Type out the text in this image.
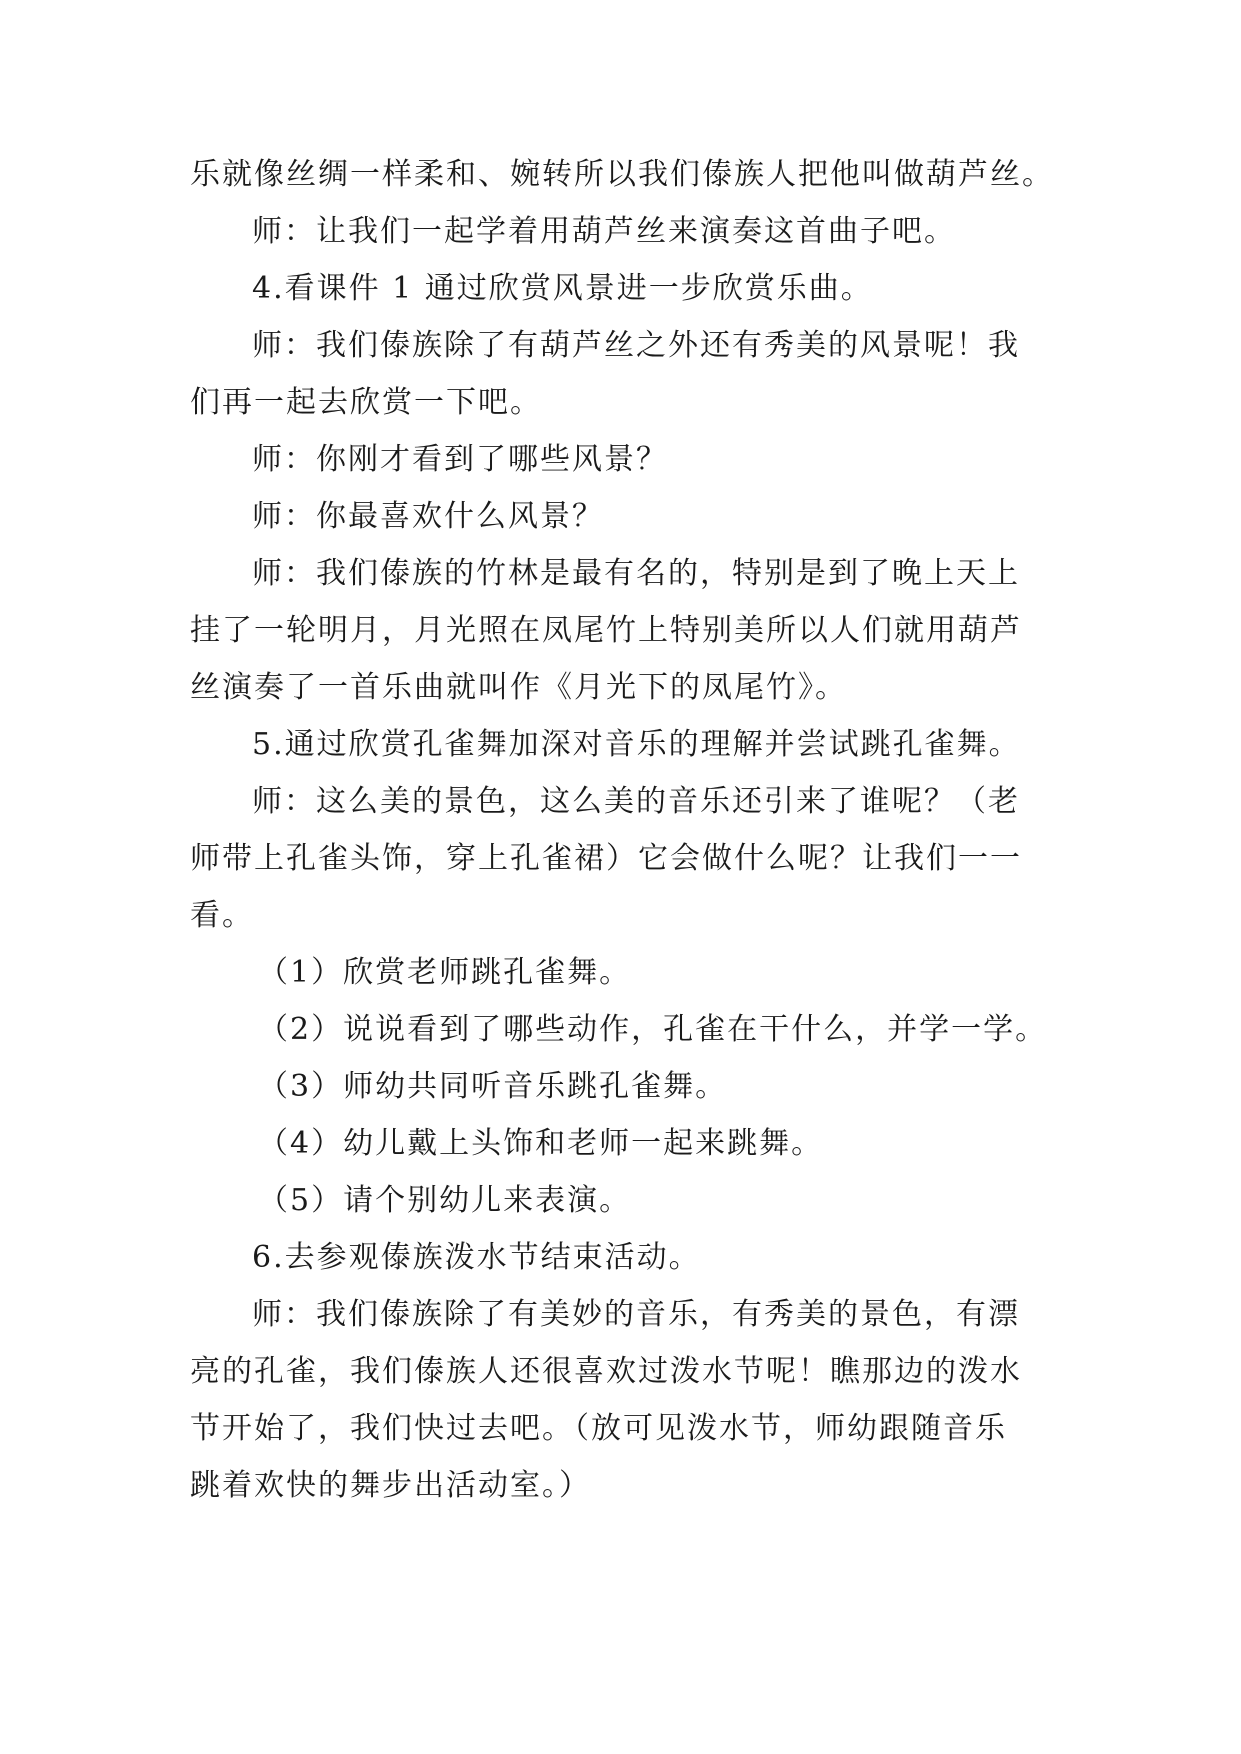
乐就像丝绸一样柔和、婉转所以我们傣族人把他叫做葫芦丝。
师：让我们一起学着用葫芦丝来演奏这首曲子吧。
4.看课件 1 通过欣赏风景进一步欣赏乐曲。
师：我们傣族除了有葫芦丝之外还有秀美的风景呢！我
们再一起去欣赏一下吧。
师：你刚才看到了哪些风景？
师：你最喜欢什么风景？
师：我们傣族的竹林是最有名的，特别是到了晚上天上
挂了一轮明月，月光照在凤尾竹上特别美所以人们就用葫芦
丝演奏了一首乐曲就叫作《月光下的凤尾竹》。
5.通过欣赏孔雀舞加深对音乐的理解并尝试跳孔雀舞。
师：这么美的景色，这么美的音乐还引来了谁呢？（老
师带上孔雀头饰，穿上孔雀裙）它会做什么呢？让我们一一
看。
（1）欣赏老师跳孔雀舞。
（2）说说看到了哪些动作，孔雀在干什么，并学一学。
（3）师幼共同听音乐跳孔雀舞。
（4）幼儿戴上头饰和老师一起来跳舞。
（5）请个别幼儿来表演。
6.去参观傣族泼水节结束活动。
师：我们傣族除了有美妙的音乐，有秀美的景色，有漂
亮的孔雀，我们傣族人还很喜欢过泼水节呢！瞧那边的泼水
节开始了，我们快过去吧。（放可见泼水节，师幼跟随音乐
跳着欢快的舞步出活动室。）
